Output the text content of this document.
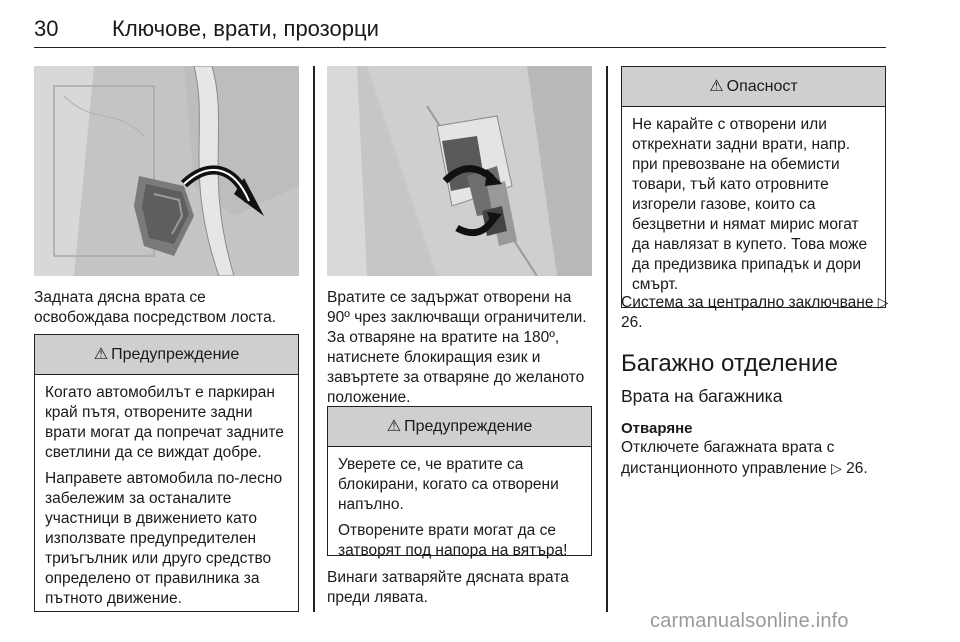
30 Ключове, врати, прозорци
Задната дясна врата се освобождава посредством лоста.
⚠ Предупреждение

Когато автомобилът е паркиран край пътя, отворените задни врати могат да попречат задните светлини да се виждат добре.

Направете автомобила по-лесно забележим за останалите участници в движението като използвате предупредителен триъгълник или друго средство определено от правилника за пътното движение.

Вратите се задържат отворени на 90º чрез заключващи ограничители. За отваряне на вратите на 180º, натиснете блокиращия език и завъртете за отваряне до желаното положение.
⚠ Предупреждение

Уверете се, че вратите са блокирани, когато са отворени напълно.

Отворените врати могат да се затворят под напора на вятъра!

Винаги затваряйте дясната врата преди лявата.
⚠ Опасност

Не карайте с отворени или открехнати задни врати, напр. при превозване на обемисти товари, тъй като отровните изгорели газове, които са безцветни и нямат мирис могат да навлязат в купето. Това може да предизвика припадък и дори смърт.

Система за централно заключване ▷ 26.
Багажно отделение
Врата на багажника
Отваряне
Отключете багажната врата с дистанционното управление ▷ 26.
carmanualsonline.info
